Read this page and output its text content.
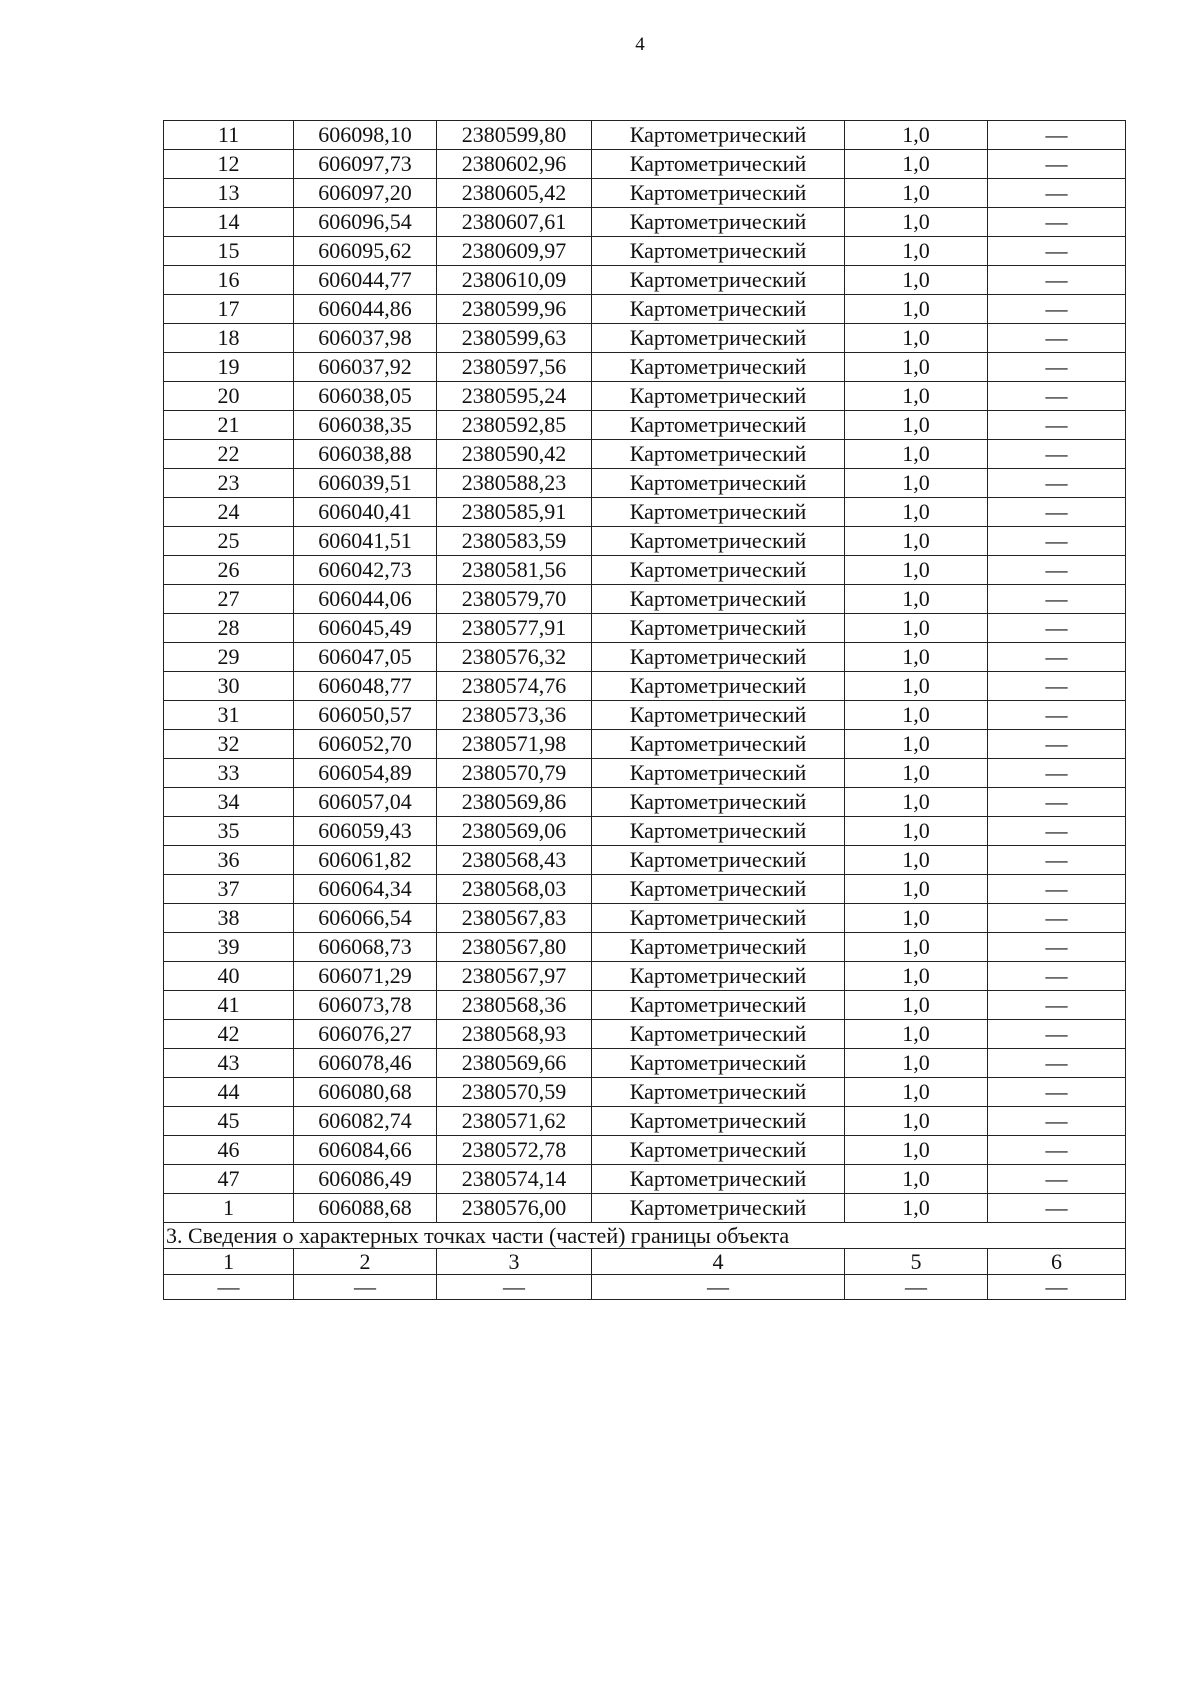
4
11	606098,10	2380599,80	Картометрический	1,0	—
12	606097,73	2380602,96	Картометрический	1,0	—
13	606097,20	2380605,42	Картометрический	1,0	—
14	606096,54	2380607,61	Картометрический	1,0	—
15	606095,62	2380609,97	Картометрический	1,0	—
16	606044,77	2380610,09	Картометрический	1,0	—
17	606044,86	2380599,96	Картометрический	1,0	—
18	606037,98	2380599,63	Картометрический	1,0	—
19	606037,92	2380597,56	Картометрический	1,0	—
20	606038,05	2380595,24	Картометрический	1,0	—
21	606038,35	2380592,85	Картометрический	1,0	—
22	606038,88	2380590,42	Картометрический	1,0	—
23	606039,51	2380588,23	Картометрический	1,0	—
24	606040,41	2380585,91	Картометрический	1,0	—
25	606041,51	2380583,59	Картометрический	1,0	—
26	606042,73	2380581,56	Картометрический	1,0	—
27	606044,06	2380579,70	Картометрический	1,0	—
28	606045,49	2380577,91	Картометрический	1,0	—
29	606047,05	2380576,32	Картометрический	1,0	—
30	606048,77	2380574,76	Картометрический	1,0	—
31	606050,57	2380573,36	Картометрический	1,0	—
32	606052,70	2380571,98	Картометрический	1,0	—
33	606054,89	2380570,79	Картометрический	1,0	—
34	606057,04	2380569,86	Картометрический	1,0	—
35	606059,43	2380569,06	Картометрический	1,0	—
36	606061,82	2380568,43	Картометрический	1,0	—
37	606064,34	2380568,03	Картометрический	1,0	—
38	606066,54	2380567,83	Картометрический	1,0	—
39	606068,73	2380567,80	Картометрический	1,0	—
40	606071,29	2380567,97	Картометрический	1,0	—
41	606073,78	2380568,36	Картометрический	1,0	—
42	606076,27	2380568,93	Картометрический	1,0	—
43	606078,46	2380569,66	Картометрический	1,0	—
44	606080,68	2380570,59	Картометрический	1,0	—
45	606082,74	2380571,62	Картометрический	1,0	—
46	606084,66	2380572,78	Картометрический	1,0	—
47	606086,49	2380574,14	Картометрический	1,0	—
1	606088,68	2380576,00	Картометрический	1,0	—
3. Сведения о характерных точках части (частей) границы объекта					
1	2	3	4	5	6
—	—	—	—	—	—
